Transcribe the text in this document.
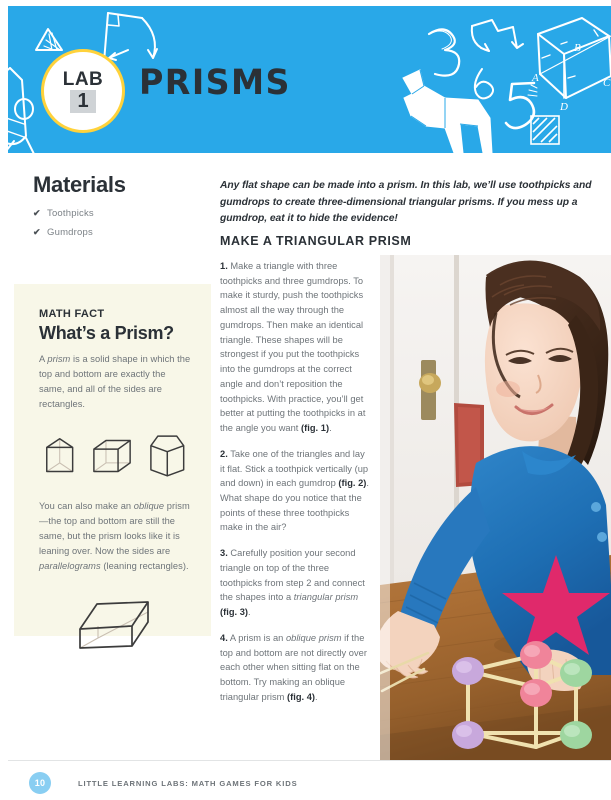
B
A	C
D
LAB
1 PRISMS
Materials
✔ Toothpicks
✔ Gumdrops
MATH FACT
What’s a Prism?
A prism is a solid shape in which the top and bottom are exactly the same, and all of the sides are rectangles.
You can also make an oblique prism—the top and bottom are still the same, but the prism looks like it is leaning over. Now the sides are parallelograms (leaning rectangles).
Any flat shape can be made into a prism. In this lab, we’ll use toothpicks and gumdrops to create three-dimensional triangular prisms. If you mess up a gumdrop, eat it to hide the evidence!
MAKE A TRIANGULAR PRISM
1. Make a triangle with three toothpicks and three gumdrops. To make it sturdy, push the toothpicks almost all the way through the gumdrops. Then make an identical triangle. These shapes will be strongest if you put the toothpicks into the gumdrops at the correct angle and don’t reposition the toothpicks. With practice, you’ll get better at putting the toothpicks in at the angle you want (fig. 1).
2. Take one of the triangles and lay it flat. Stick a toothpick vertically (up and down) in each gumdrop (fig. 2). What shape do you notice that the points of these three toothpicks make in the air?
3. Carefully position your second triangle on top of the three toothpicks from step 2 and connect the shapes into a triangular prism (fig. 3).
4. A prism is an oblique prism if the top and bottom are not directly over each other when sitting flat on the bottom. Try making an oblique triangular prism (fig. 4).
10	LITTLE LEARNING LABS: MATH GAMES FOR KIDS
